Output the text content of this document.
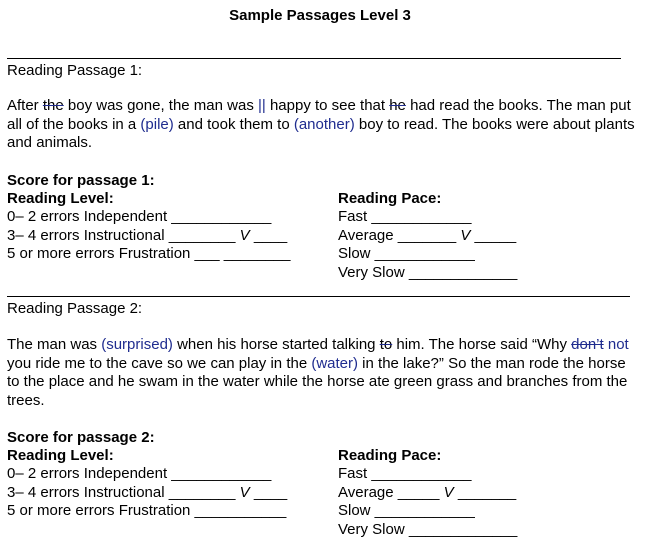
Sample Passages Level 3
Reading Passage 1:
After the boy was gone, the man was || happy to see that he had read the books. The man put all of the books in a (pile) and took them to (another) boy to read. The books were about plants and animals.
Score for passage 1:
Reading Level:
0– 2 errors Independent ____________
3– 4 errors Instructional ________ V ____
5 or more errors Frustration ___ ________
Reading Pace:
Fast ____________
Average _______ V _____
Slow ____________
Very Slow _____________
Reading Passage 2:
The man was (surprised) when his horse started talking to him. The horse said “Why don’t not you ride me to the cave so we can play in the (water) in the lake?” So the man rode the horse to the place and he swam in the water while the horse ate green grass and branches from the trees.
Score for passage 2:
Reading Level:
0– 2 errors Independent ____________
3– 4 errors Instructional ________ V ____
5 or more errors Frustration ___________
Reading Pace:
Fast ____________
Average _____ V _______
Slow ____________
Very Slow _____________
